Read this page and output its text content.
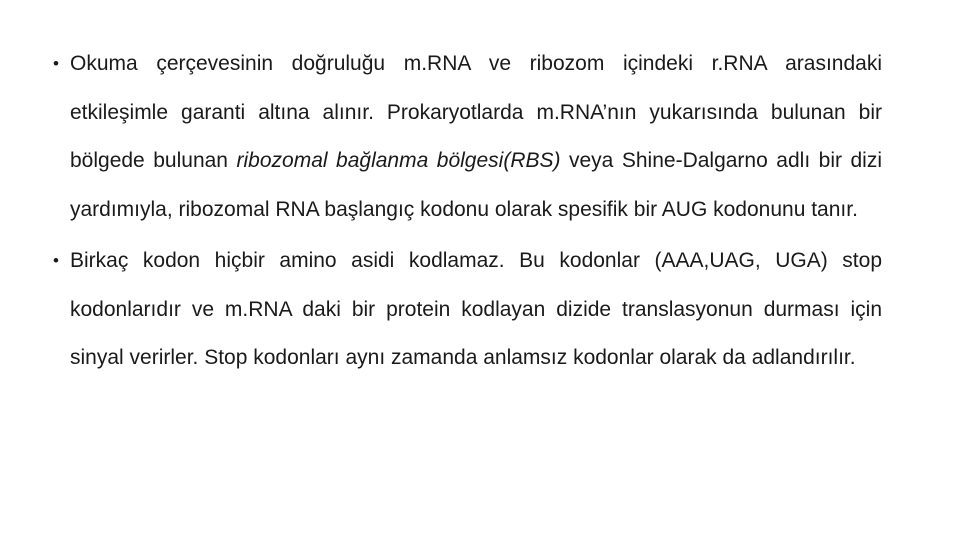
• Okuma çerçevesinin doğruluğu m.RNA ve ribozom içindeki r.RNA arasındaki etkileşimle garanti altına alınır. Prokaryotlarda m.RNA’nın yukarısında bulunan bir bölgede bulunan ribozomal bağlanma bölgesi(RBS) veya Shine-Dalgarno adlı bir dizi yardımıyla, ribozomal RNA başlangıç kodonu olarak spesifik bir AUG kodonunu tanır.
• Birkaç kodon hiçbir amino asidi kodlamaz. Bu kodonlar (AAA,UAG, UGA) stop kodonlarıdır ve m.RNA daki bir protein kodlayan dizide translasyonun durması için sinyal verirler. Stop kodonları aynı zamanda anlamsız kodonlar olarak da adlandırılır.
